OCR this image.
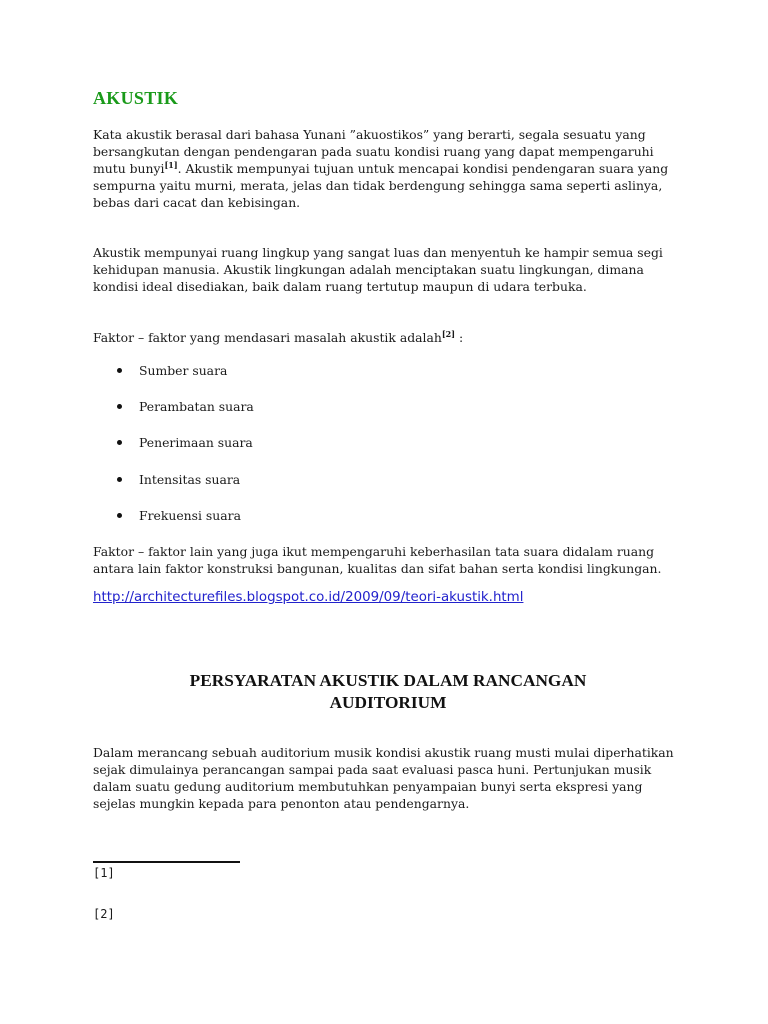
AKUSTIK

Kata akustik berasal dari bahasa Yunani ”akuostikos” yang berarti, segala sesuatu yang bersangkutan dengan pendengaran pada suatu kondisi ruang yang dapat mempengaruhi mutu bunyi[1]. Akustik mempunyai tujuan untuk mencapai kondisi pendengaran suara yang sempurna yaitu murni, merata, jelas dan tidak berdengung sehingga sama seperti aslinya, bebas dari cacat dan kebisingan.

Akustik mempunyai ruang lingkup yang sangat luas dan menyentuh ke hampir semua segi kehidupan manusia. Akustik lingkungan adalah menciptakan suatu lingkungan, dimana kondisi ideal disediakan, baik dalam ruang tertutup maupun di udara terbuka.

Faktor – faktor yang mendasari masalah akustik adalah[2] :

Sumber suara
Perambatan suara
Penerimaan suara
Intensitas suara
Frekuensi suara

Faktor – faktor lain yang juga ikut mempengaruhi keberhasilan tata suara didalam ruang antara lain faktor konstruksi bangunan, kualitas dan sifat bahan serta kondisi lingkungan.

http://architecturefiles.blogspot.co.id/2009/09/teori-akustik.html
PERSYARATAN AKUSTIK DALAM RANCANGAN
AUDITORIUM

Dalam merancang sebuah auditorium musik kondisi akustik ruang musti mulai diperhatikan sejak dimulainya perancangan sampai pada saat evaluasi pasca huni. Pertunjukan musik dalam suatu gedung auditorium membutuhkan penyampaian bunyi serta ekspresi yang sejelas mungkin kepada para penonton atau pendengarnya.

[1]
[2]
